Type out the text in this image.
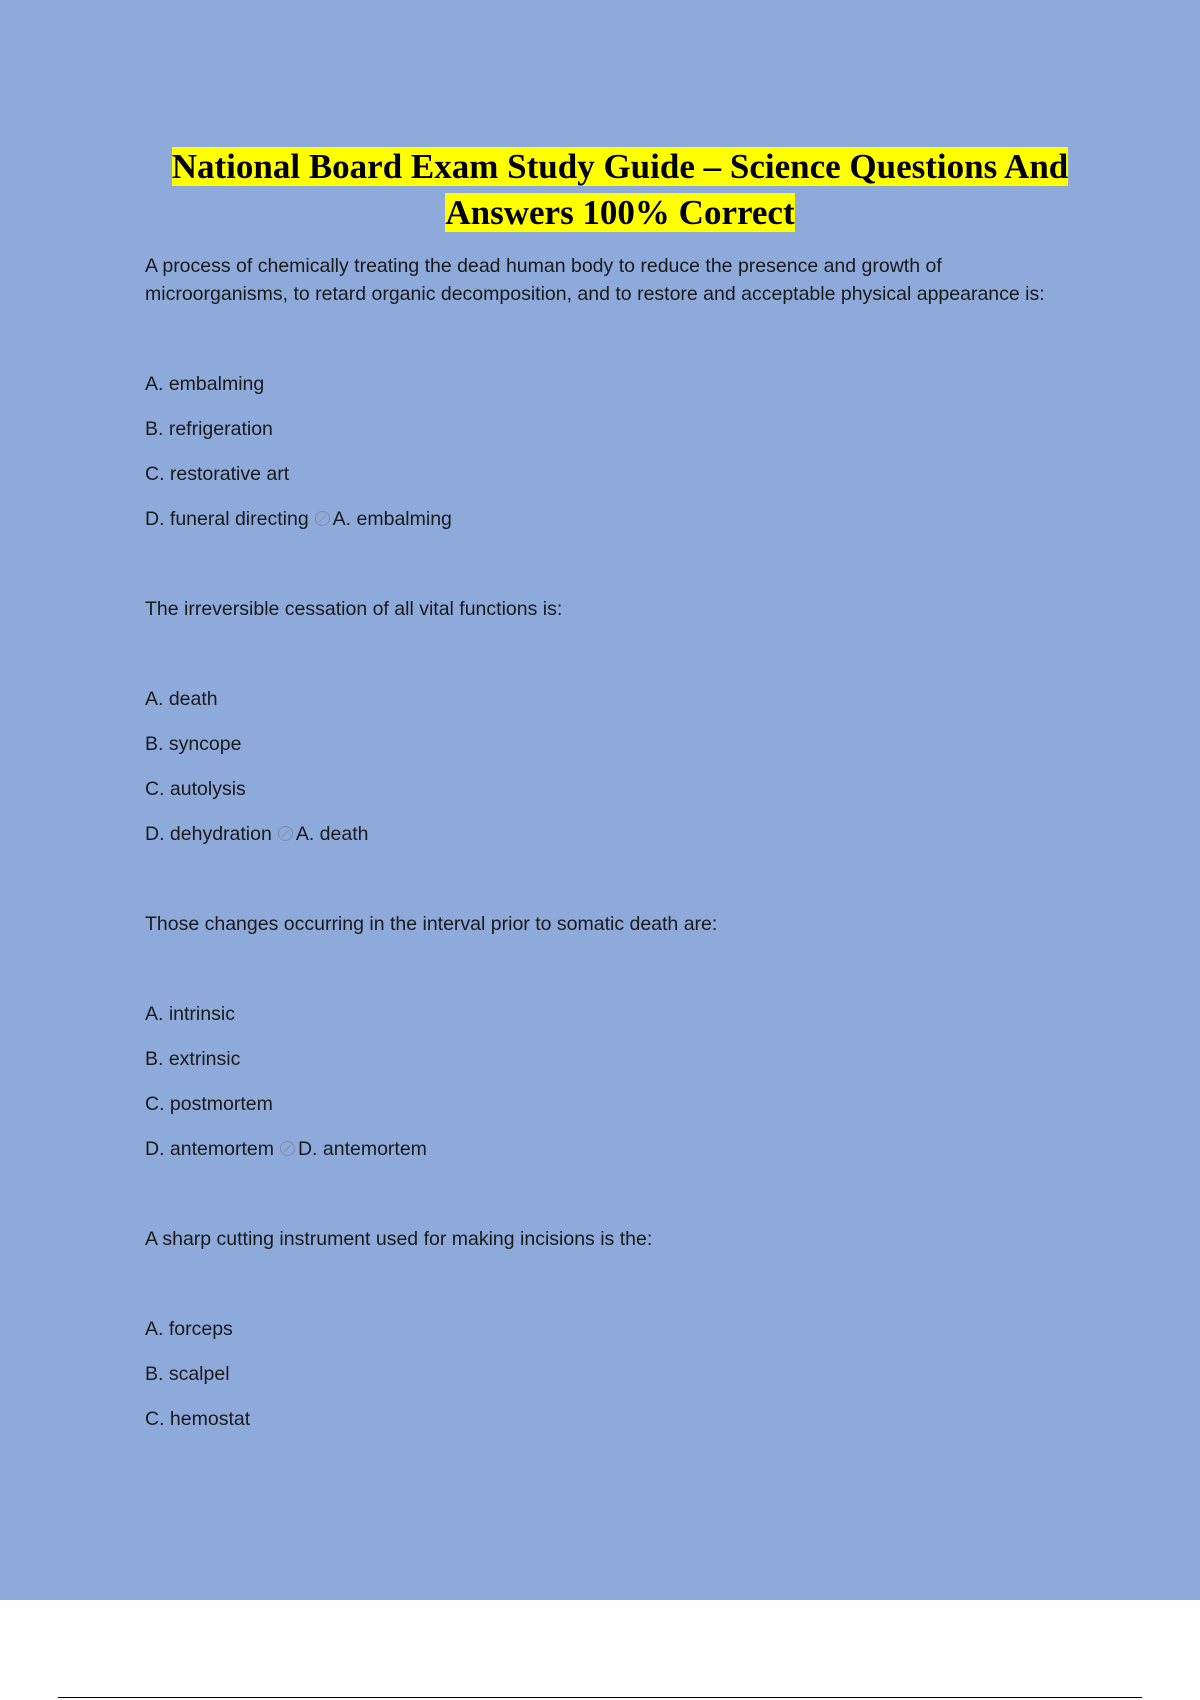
National Board Exam Study Guide – Science Questions And
Answers 100% Correct

A process of chemically treating the dead human body to reduce the presence and growth of microorganisms, to retard organic decomposition, and to restore and acceptable physical appearance is:

A. embalming

B. refrigeration

C. restorative art

D. funeral directing A. embalming

The irreversible cessation of all vital functions is:

A. death

B. syncope

C. autolysis

D. dehydration A. death

Those changes occurring in the interval prior to somatic death are:

A. intrinsic

B. extrinsic

C. postmortem

D. antemortem D. antemortem

A sharp cutting instrument used for making incisions is the:

A. forceps

B. scalpel

C. hemostat
